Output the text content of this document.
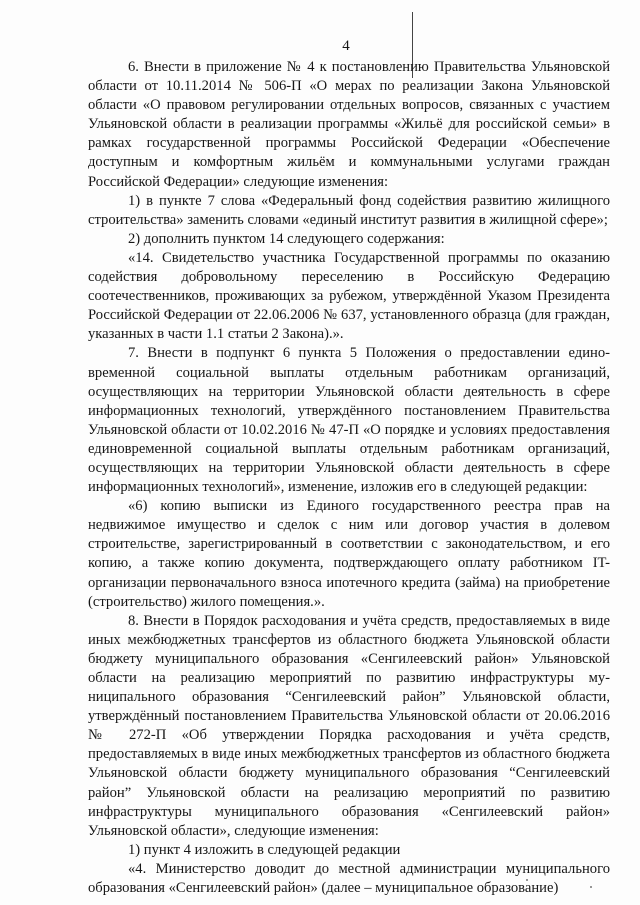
4

6. Внести в приложение № 4 к постановлению Правительства Ульяновской области от 10.11.2014 № 506-П «О мерах по реализации Закона Ульяновской области «О правовом регулировании отдельных вопросов, связанных с участием Ульяновской области в реализации программы «Жильё для российской семьи» в рамках государственной программы Российской Федерации «Обеспечение доступным и комфортным жильём и коммунальными услугами граждан Российской Федерации» следующие изменения:

1) в пункте 7 слова «Федеральный фонд содействия развитию жилищного строительства» заменить словами «единый институт развития в жилищной сфере»;

2) дополнить пунктом 14 следующего содержания:

«14. Свидетельство участника Государственной программы по оказанию содействия добровольному переселению в Российскую Федерацию соотечественников, проживающих за рубежом, утверждённой Указом Президента Российской Федерации от 22.06.2006 № 637, установленного образца (для граждан, указанных в части 1.1 статьи 2 Закона).».

7. Внести в подпункт 6 пункта 5 Положения о предоставлении единовременной социальной выплаты отдельным работникам организаций, осуществляющих на территории Ульяновской области деятельность в сфере информационных технологий, утверждённого постановлением Правительства Ульяновской области от 10.02.2016 № 47-П «О порядке и условиях предоставления единовременной социальной выплаты отдельным работникам организаций, осуществляющих на территории Ульяновской области деятельность в сфере информационных технологий», изменение, изложив его в следующей редакции:

«6) копию выписки из Единого государственного реестра прав на недвижимое имущество и сделок с ним или договор участия в долевом строительстве, зарегистрированный в соответствии с законодательством, и его копию, а также копию документа, подтверждающего оплату работником IT-организации первоначального взноса ипотечного кредита (займа) на приобретение (строительство) жилого помещения.».

8. Внести в Порядок расходования и учёта средств, предоставляемых в виде иных межбюджетных трансфертов из областного бюджета Ульяновской области бюджету муниципального образования «Сенгилеевский район» Ульяновской области на реализацию мероприятий по развитию инфраструктуры муниципального образования “Сенгилеевский район” Ульяновской области, утверждённый постановлением Правительства Ульяновской области от 20.06.2016 № 272-П «Об утверждении Порядка расходования и учёта средств, предоставляемых в виде иных межбюджетных трансфертов из областного бюджета Ульяновской области бюджету муниципального образования “Сенгилеевский район” Ульяновской области на реализацию мероприятий по развитию инфраструктуры муниципального образования «Сенгилеевский район» Ульяновской области», следующие изменения:

1) пункт 4 изложить в следующей редакции

«4. Министерство доводит до местной администрации муниципального образования «Сенгилеевский район» (далее – муниципальное образование)
